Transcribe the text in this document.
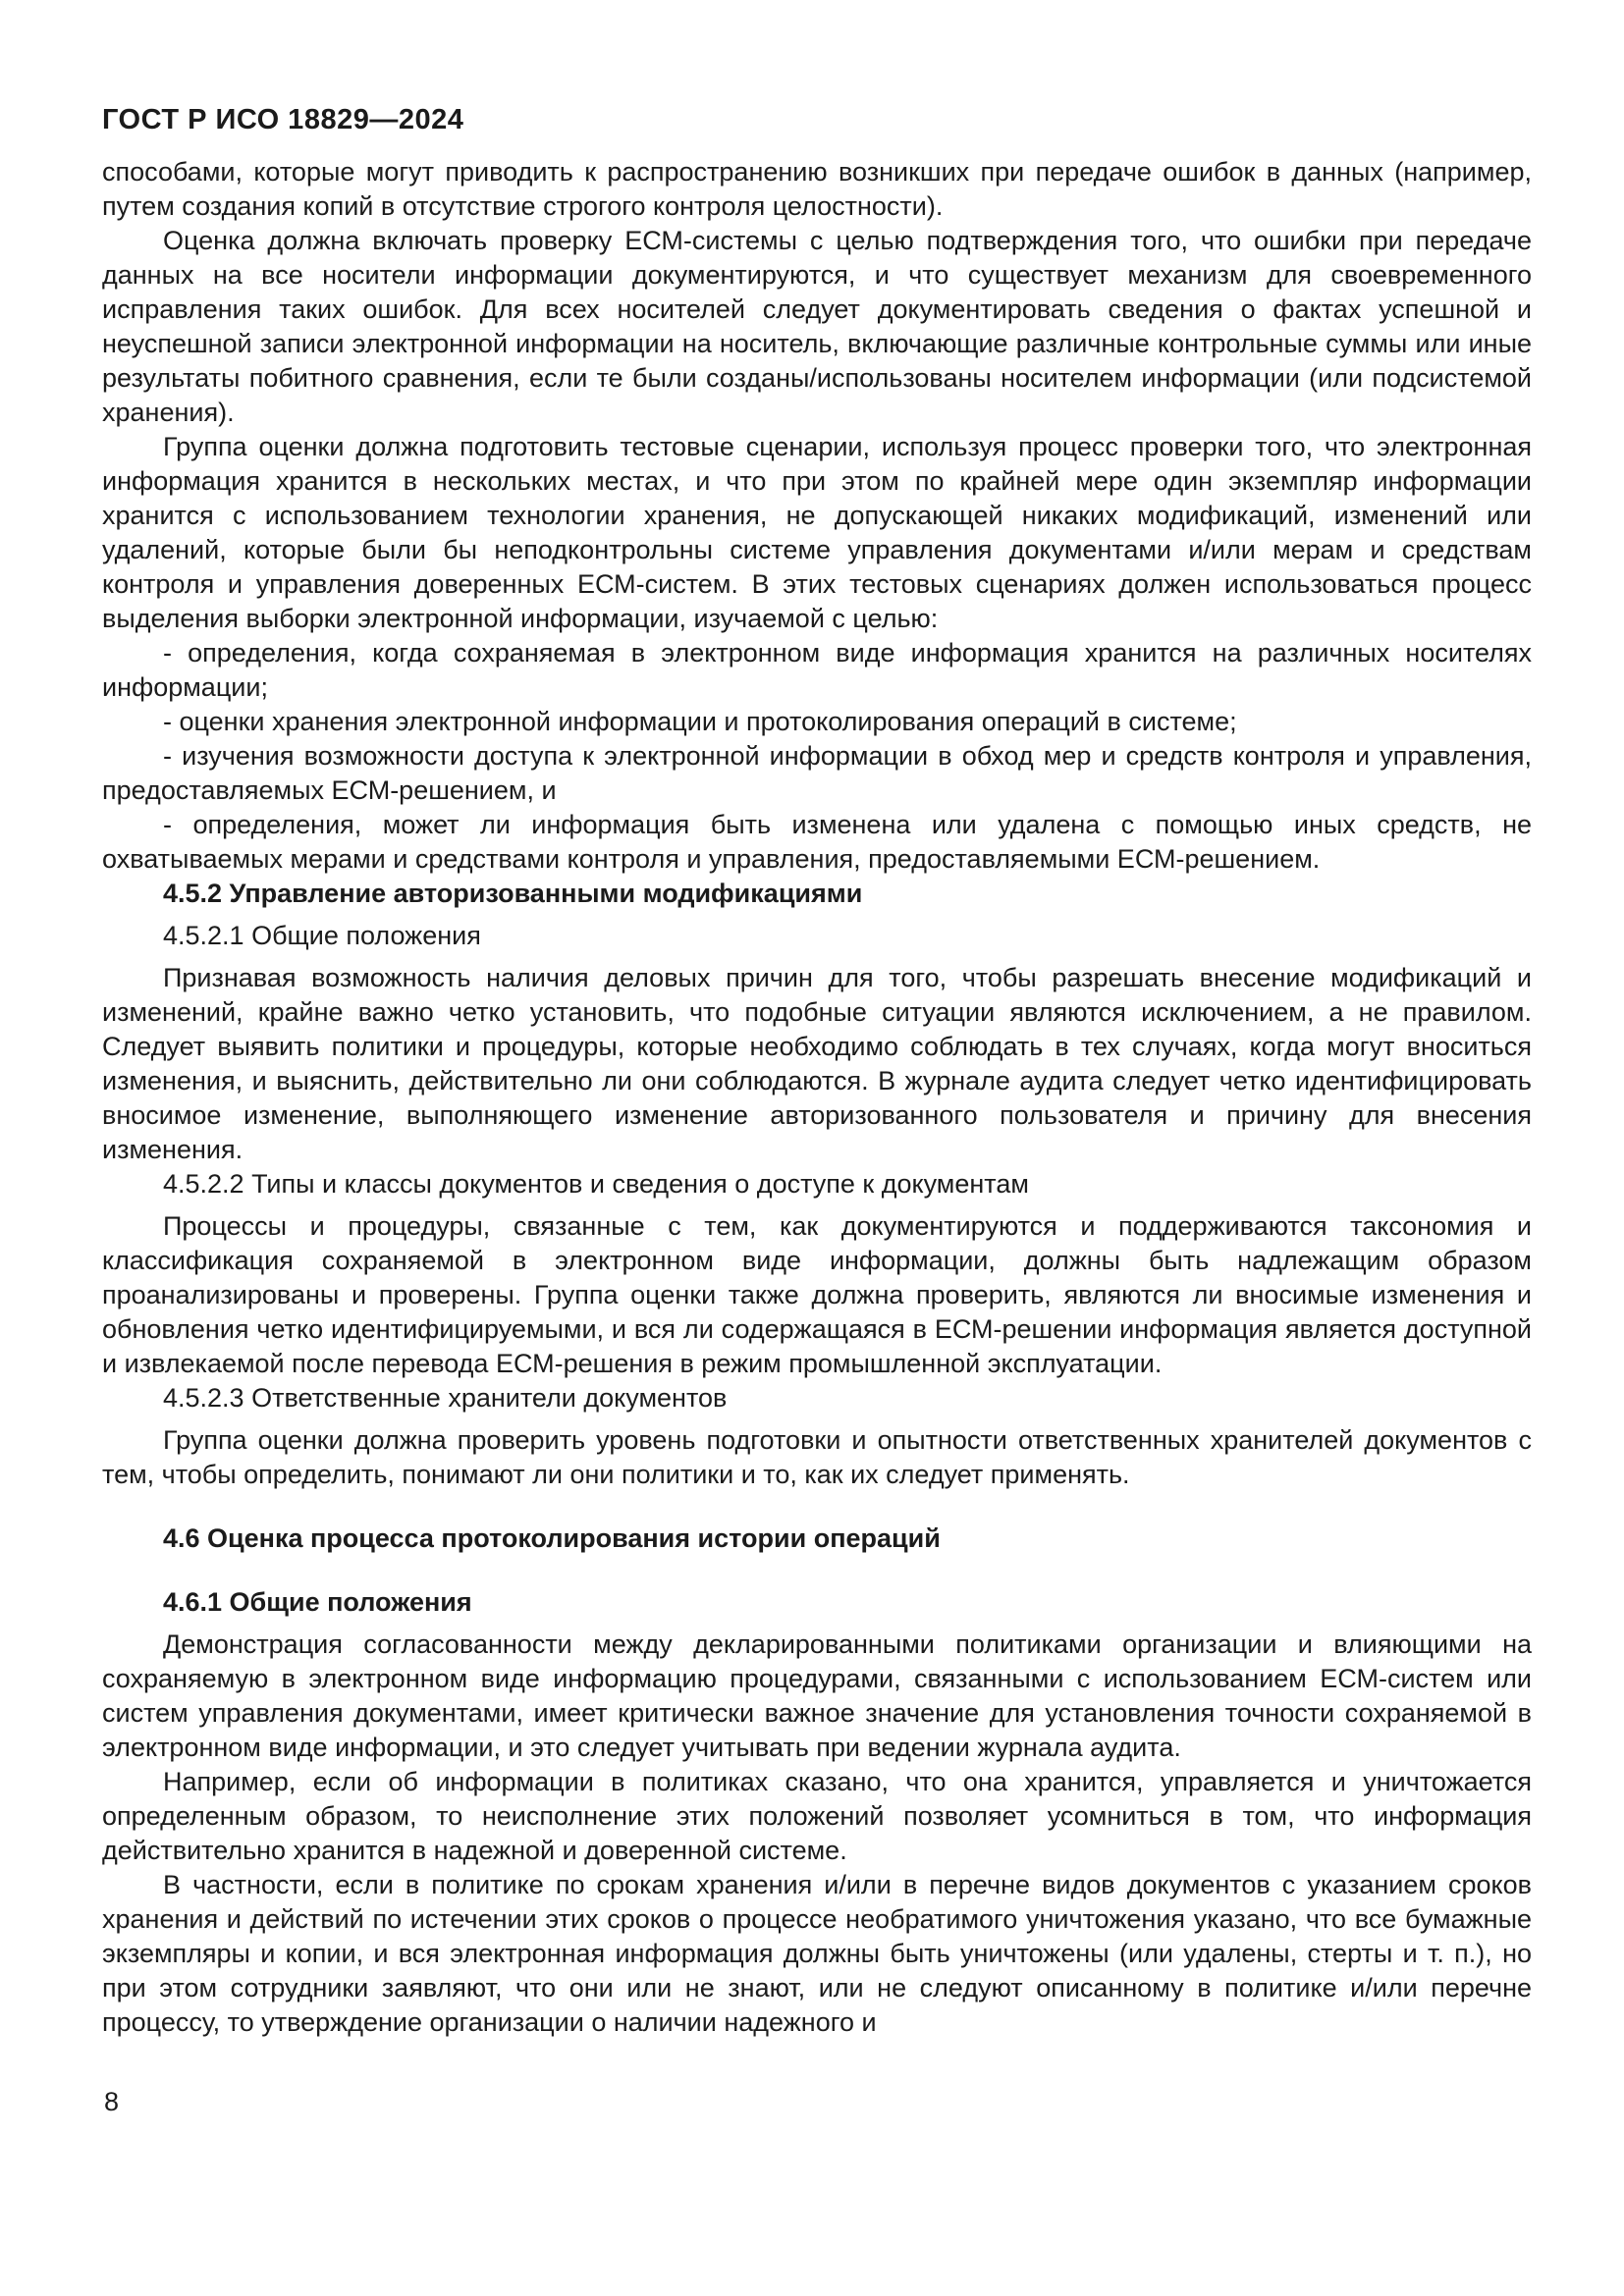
ГОСТ Р ИСО 18829—2024

способами, которые могут приводить к распространению возникших при передаче ошибок в данных (например, путем создания копий в отсутствие строгого контроля целостности).

Оценка должна включать проверку ЕСМ-системы с целью подтверждения того, что ошибки при передаче данных на все носители информации документируются, и что существует механизм для своевременного исправления таких ошибок. Для всех носителей следует документировать сведения о фактах успешной и неуспешной записи электронной информации на носитель, включающие различные контрольные суммы или иные результаты побитного сравнения, если те были созданы/использованы носителем информации (или подсистемой хранения).

Группа оценки должна подготовить тестовые сценарии, используя процесс проверки того, что электронная информация хранится в нескольких местах, и что при этом по крайней мере один экземпляр информации хранится с использованием технологии хранения, не допускающей никаких модификаций, изменений или удалений, которые были бы неподконтрольны системе управления документами и/или мерам и средствам контроля и управления доверенных ЕСМ-систем. В этих тестовых сценариях должен использоваться процесс выделения выборки электронной информации, изучаемой с целью:

- определения, когда сохраняемая в электронном виде информация хранится на различных носителях информации;

- оценки хранения электронной информации и протоколирования операций в системе;

- изучения возможности доступа к электронной информации в обход мер и средств контроля и управления, предоставляемых ЕСМ-решением, и

- определения, может ли информация быть изменена или удалена с помощью иных средств, не охватываемых мерами и средствами контроля и управления, предоставляемыми ЕСМ-решением.

4.5.2 Управление авторизованными модификациями

4.5.2.1 Общие положения

Признавая возможность наличия деловых причин для того, чтобы разрешать внесение модификаций и изменений, крайне важно четко установить, что подобные ситуации являются исключением, а не правилом. Следует выявить политики и процедуры, которые необходимо соблюдать в тех случаях, когда могут вноситься изменения, и выяснить, действительно ли они соблюдаются. В журнале аудита следует четко идентифицировать вносимое изменение, выполняющего изменение авторизованного пользователя и причину для внесения изменения.

4.5.2.2 Типы и классы документов и сведения о доступе к документам

Процессы и процедуры, связанные с тем, как документируются и поддерживаются таксономия и классификация сохраняемой в электронном виде информации, должны быть надлежащим образом проанализированы и проверены. Группа оценки также должна проверить, являются ли вносимые изменения и обновления четко идентифицируемыми, и вся ли содержащаяся в ЕСМ-решении информация является доступной и извлекаемой после перевода ЕСМ-решения в режим промышленной эксплуатации.

4.5.2.3 Ответственные хранители документов

Группа оценки должна проверить уровень подготовки и опытности ответственных хранителей документов с тем, чтобы определить, понимают ли они политики и то, как их следует применять.

4.6 Оценка процесса протоколирования истории операций

4.6.1 Общие положения

Демонстрация согласованности между декларированными политиками организации и влияющими на сохраняемую в электронном виде информацию процедурами, связанными с использованием ЕСМ-систем или систем управления документами, имеет критически важное значение для установления точности сохраняемой в электронном виде информации, и это следует учитывать при ведении журнала аудита.

Например, если об информации в политиках сказано, что она хранится, управляется и уничтожается определенным образом, то неисполнение этих положений позволяет усомниться в том, что информация действительно хранится в надежной и доверенной системе.

В частности, если в политике по срокам хранения и/или в перечне видов документов с указанием сроков хранения и действий по истечении этих сроков о процессе необратимого уничтожения указано, что все бумажные экземпляры и копии, и вся электронная информация должны быть уничтожены (или удалены, стерты и т. п.), но при этом сотрудники заявляют, что они или не знают, или не следуют описанному в политике и/или перечне процессу, то утверждение организации о наличии надежного и

8
